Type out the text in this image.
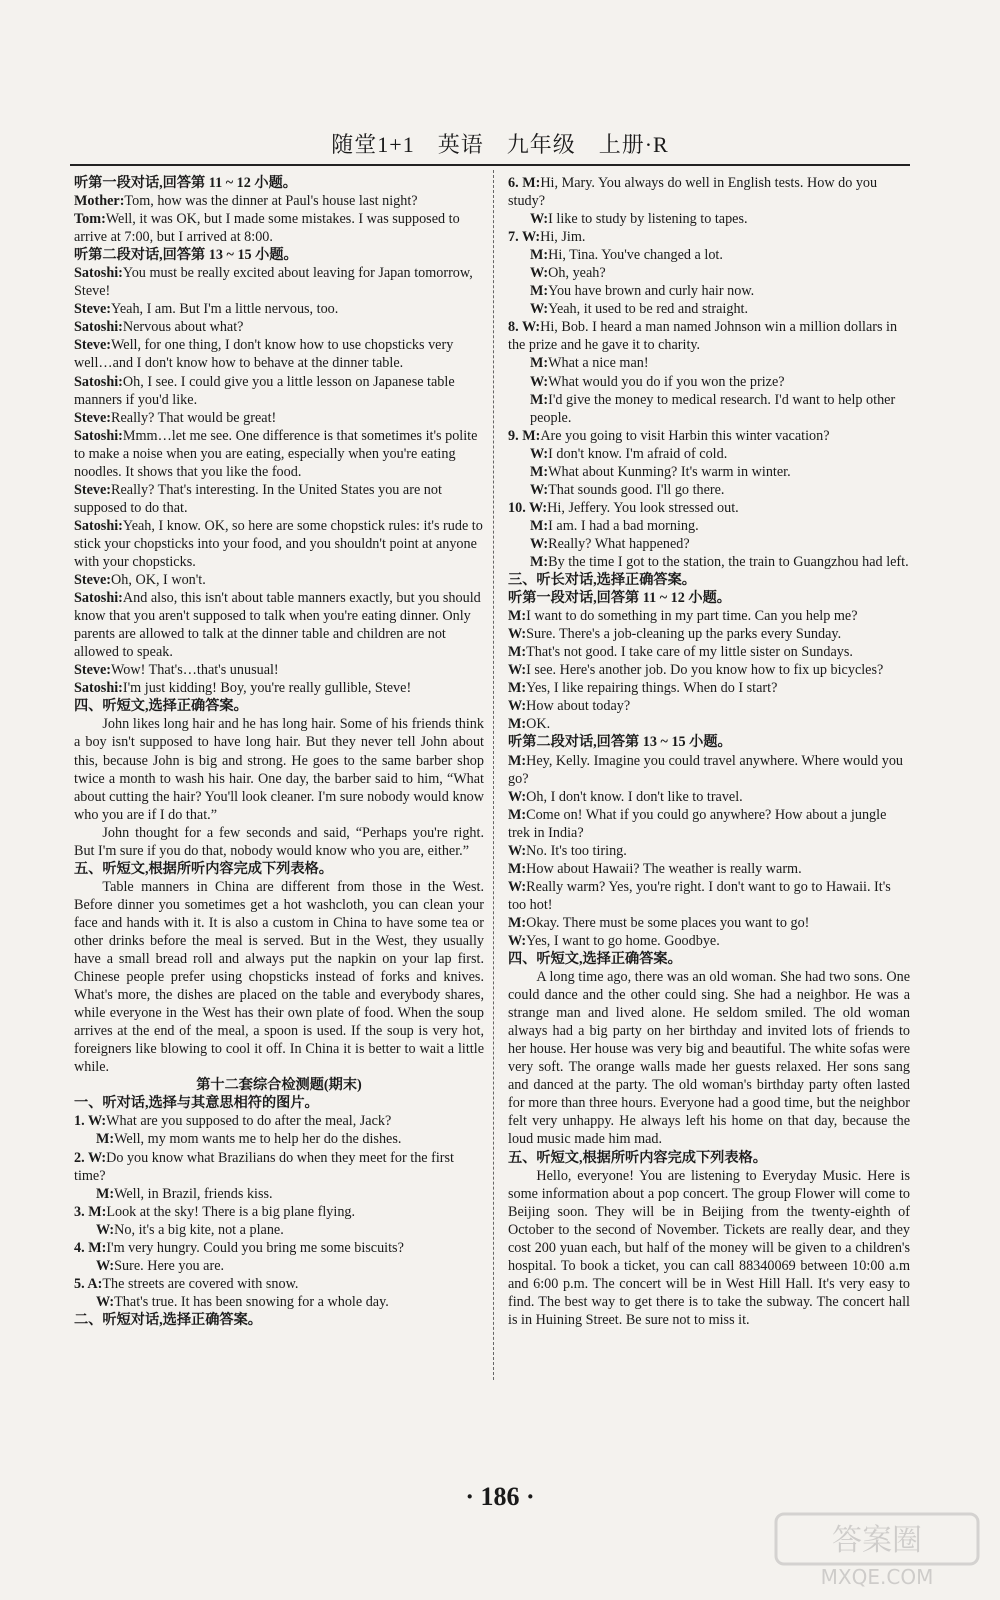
随堂1+1　英语　九年级　上册·R
听第一段对话,回答第 11 ~ 12 小题。
Mother:Tom, how was the dinner at Paul's house last night?
Tom:Well, it was OK, but I made some mistakes. I was supposed to arrive at 7:00, but I arrived at 8:00.
听第二段对话,回答第 13 ~ 15 小题。
Satoshi:You must be really excited about leaving for Japan tomorrow, Steve!
Steve:Yeah, I am. But I'm a little nervous, too.
Satoshi:Nervous about what?
Steve:Well, for one thing, I don't know how to use chopsticks very well…and I don't know how to behave at the dinner table.
Satoshi:Oh, I see. I could give you a little lesson on Japanese table manners if you'd like.
Steve:Really? That would be great!
Satoshi:Mmm…let me see. One difference is that sometimes it's polite to make a noise when you are eating, especially when you're eating noodles. It shows that you like the food.
Steve:Really? That's interesting. In the United States you are not supposed to do that.
Satoshi:Yeah, I know. OK, so here are some chopstick rules: it's rude to stick your chopsticks into your food, and you shouldn't point at anyone with your chopsticks.
Steve:Oh, OK, I won't.
Satoshi:And also, this isn't about table manners exactly, but you should know that you aren't supposed to talk when you're eating dinner. Only parents are allowed to talk at the dinner table and children are not allowed to speak.
Steve:Wow! That's…that's unusual!
Satoshi:I'm just kidding! Boy, you're really gullible, Steve!
四、听短文,选择正确答案。
John likes long hair and he has long hair. Some of his friends think a boy isn't supposed to have long hair. But they never tell John about this, because John is big and strong. He goes to the same barber shop twice a month to wash his hair. One day, the barber said to him, “What about cutting the hair? You'll look cleaner. I'm sure nobody would know who you are if I do that.”
John thought for a few seconds and said, “Perhaps you're right. But I'm sure if you do that, nobody would know who you are, either.”
五、听短文,根据所听内容完成下列表格。
Table manners in China are different from those in the West. Before dinner you sometimes get a hot washcloth, you can clean your face and hands with it. It is also a custom in China to have some tea or other drinks before the meal is served. But in the West, they usually have a small bread roll and always put the napkin on your lap first. Chinese people prefer using chopsticks instead of forks and knives. What's more, the dishes are placed on the table and everybody shares, while everyone in the West has their own plate of food. When the soup arrives at the end of the meal, a spoon is used. If the soup is very hot, foreigners like blowing to cool it off. In China it is better to wait a little while.
第十二套综合检测题(期末)
一、听对话,选择与其意思相符的图片。
1. W:What are you supposed to do after the meal, Jack?
M:Well, my mom wants me to help her do the dishes.
2. W:Do you know what Brazilians do when they meet for the first time?
M:Well, in Brazil, friends kiss.
3. M:Look at the sky! There is a big plane flying.
W:No, it's a big kite, not a plane.
4. M:I'm very hungry. Could you bring me some biscuits?
W:Sure. Here you are.
5. A:The streets are covered with snow.
W:That's true. It has been snowing for a whole day.
二、听短对话,选择正确答案。
6. M:Hi, Mary. You always do well in English tests. How do you study?
W:I like to study by listening to tapes.
7. W:Hi, Jim.
M:Hi, Tina. You've changed a lot.
W:Oh, yeah?
M:You have brown and curly hair now.
W:Yeah, it used to be red and straight.
8. W:Hi, Bob. I heard a man named Johnson win a million dollars in the prize and he gave it to charity.
M:What a nice man!
W:What would you do if you won the prize?
M:I'd give the money to medical research. I'd want to help other people.
9. M:Are you going to visit Harbin this winter vacation?
W:I don't know. I'm afraid of cold.
M:What about Kunming? It's warm in winter.
W:That sounds good. I'll go there.
10. W:Hi, Jeffery. You look stressed out.
M:I am. I had a bad morning.
W:Really? What happened?
M:By the time I got to the station, the train to Guangzhou had left.
三、听长对话,选择正确答案。
听第一段对话,回答第 11 ~ 12 小题。
M:I want to do something in my part time. Can you help me?
W:Sure. There's a job-cleaning up the parks every Sunday.
M:That's not good. I take care of my little sister on Sundays.
W:I see. Here's another job. Do you know how to fix up bicycles?
M:Yes, I like repairing things. When do I start?
W:How about today?
M:OK.
听第二段对话,回答第 13 ~ 15 小题。
M:Hey, Kelly. Imagine you could travel anywhere. Where would you go?
W:Oh, I don't know. I don't like to travel.
M:Come on! What if you could go anywhere? How about a jungle trek in India?
W:No. It's too tiring.
M:How about Hawaii? The weather is really warm.
W:Really warm? Yes, you're right. I don't want to go to Hawaii. It's too hot!
M:Okay. There must be some places you want to go!
W:Yes, I want to go home. Goodbye.
四、听短文,选择正确答案。
A long time ago, there was an old woman. She had two sons. One could dance and the other could sing. She had a neighbor. He was a strange man and lived alone. He seldom smiled. The old woman always had a big party on her birthday and invited lots of friends to her house. Her house was very big and beautiful. The white sofas were very soft. The orange walls made her guests relaxed. Her sons sang and danced at the party. The old woman's birthday party often lasted for more than three hours. Everyone had a good time, but the neighbor felt very unhappy. He always left his home on that day, because the loud music made him mad.
五、听短文,根据所听内容完成下列表格。
Hello, everyone! You are listening to Everyday Music. Here is some information about a pop concert. The group Flower will come to Beijing soon. They will be in Beijing from the twenty-eighth of October to the second of November. Tickets are really dear, and they cost 200 yuan each, but half of the money will be given to a children's hospital. To book a ticket, you can call 88340069 between 10:00 a.m and 6:00 p.m. The concert will be in West Hill Hall. It's very easy to find. The best way to get there is to take the subway. The concert hall is in Huining Street. Be sure not to miss it.
· 186 ·
答案圈
MXQE.COM
